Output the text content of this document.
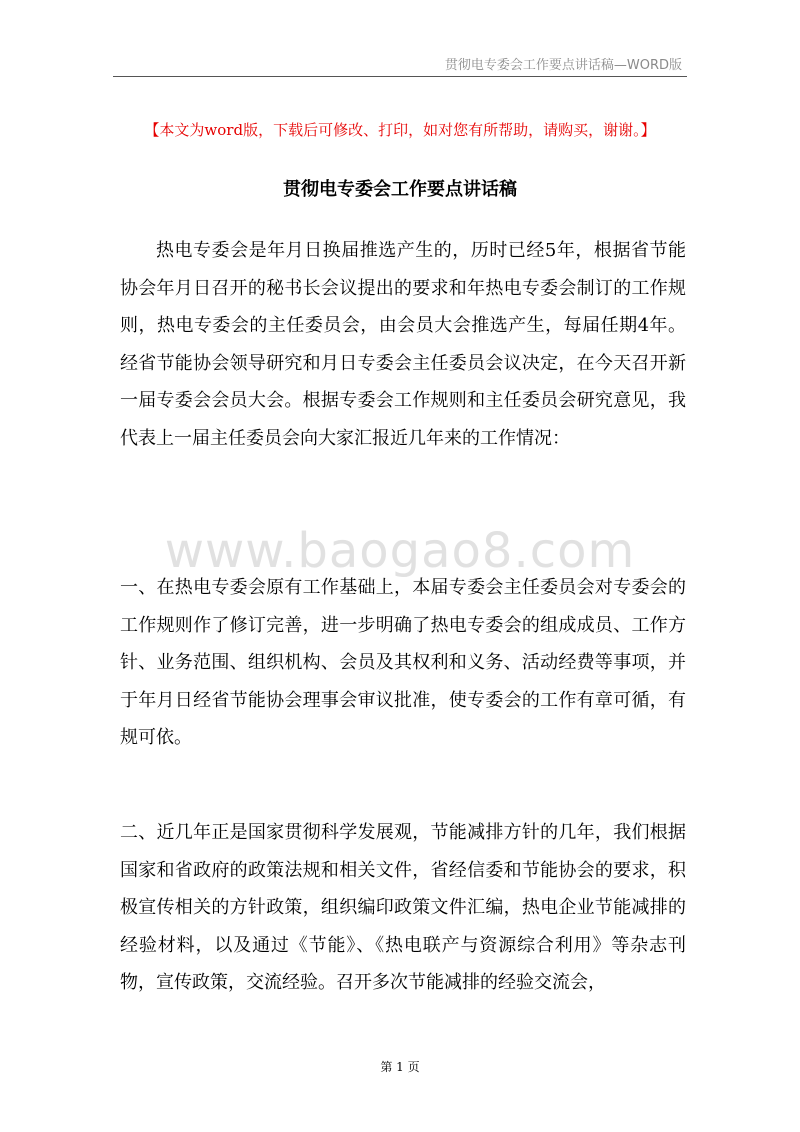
贯彻电专委会工作要点讲话稿—WORD版
【本文为word版，下载后可修改、打印，如对您有所帮助，请购买，谢谢。】
贯彻电专委会工作要点讲话稿

热电专委会是年月日换届推选产生的，历时已经5年，根据省节能协会年月日召开的秘书长会议提出的要求和年热电专委会制订的工作规则，热电专委会的主任委员会，由会员大会推选产生，每届任期4年。经省节能协会领导研究和月日专委会主任委员会议决定，在今天召开新一届专委会会员大会。根据专委会工作规则和主任委员会研究意见，我代表上一届主任委员会向大家汇报近几年来的工作情况：

www.baogao8.com

一、在热电专委会原有工作基础上，本届专委会主任委员会对专委会的工作规则作了修订完善，进一步明确了热电专委会的组成成员、工作方针、业务范围、组织机构、会员及其权利和义务、活动经费等事项，并于年月日经省节能协会理事会审议批准，使专委会的工作有章可循，有规可依。

二、近几年正是国家贯彻科学发展观，节能减排方针的几年，我们根据国家和省政府的政策法规和相关文件，省经信委和节能协会的要求，积极宣传相关的方针政策，组织编印政策文件汇编，热电企业节能减排的经验材料，以及通过《节能》、《热电联产与资源综合利用》等杂志刊物，宣传政策，交流经验。召开多次节能减排的经验交流会，

第 1 页
